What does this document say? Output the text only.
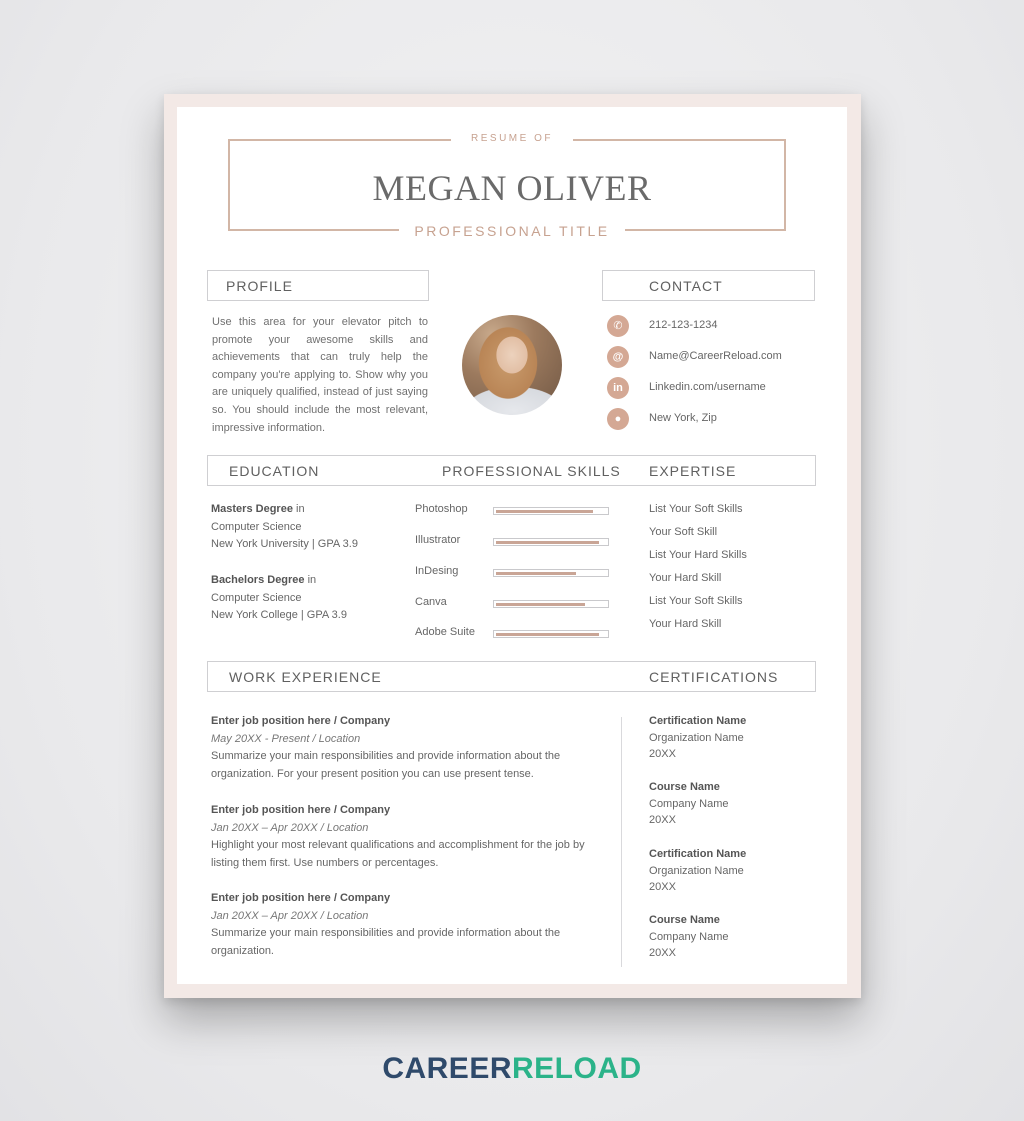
RESUME OF
MEGAN OLIVER
PROFESSIONAL TITLE
PROFILE
Use this area for your elevator pitch to promote your awesome skills and achievements that can truly help the company you're applying to. Show why you are uniquely qualified, instead of just saying so. You should include the most relevant, impressive information.
CONTACT
✆	212-123-1234
@	Name@CareerReload.com
in	Linkedin.com/username
●	New York, Zip
EDUCATION	PROFESSIONAL SKILLS EXPERTISE
Masters Degree in
Computer Science
New York University | GPA 3.9
Bachelors Degree in
Computer Science
New York College | GPA 3.9
Photoshop
Illustrator
InDesing
Canva
Adobe Suite
List Your Soft Skills
Your Soft Skill
List Your Hard Skills
Your Hard Skill
List Your Soft Skills
Your Hard Skill
WORK EXPERIENCE	CERTIFICATIONS
Enter job position here / Company
May 20XX - Present / Location
Summarize your main responsibilities and provide information about the organization. For your present position you can use present tense.
Enter job position here / Company
Jan 20XX – Apr 20XX / Location
Highlight your most relevant qualifications and accomplishment for the job by listing them first. Use numbers or percentages.
Enter job position here / Company
Jan 20XX – Apr 20XX / Location
Summarize your main responsibilities and provide information about the organization.
Certification Name
Organization Name
20XX
Course Name
Company Name
20XX
Certification Name
Organization Name
20XX
Course Name
Company Name
20XX
CAREERRELOAD
